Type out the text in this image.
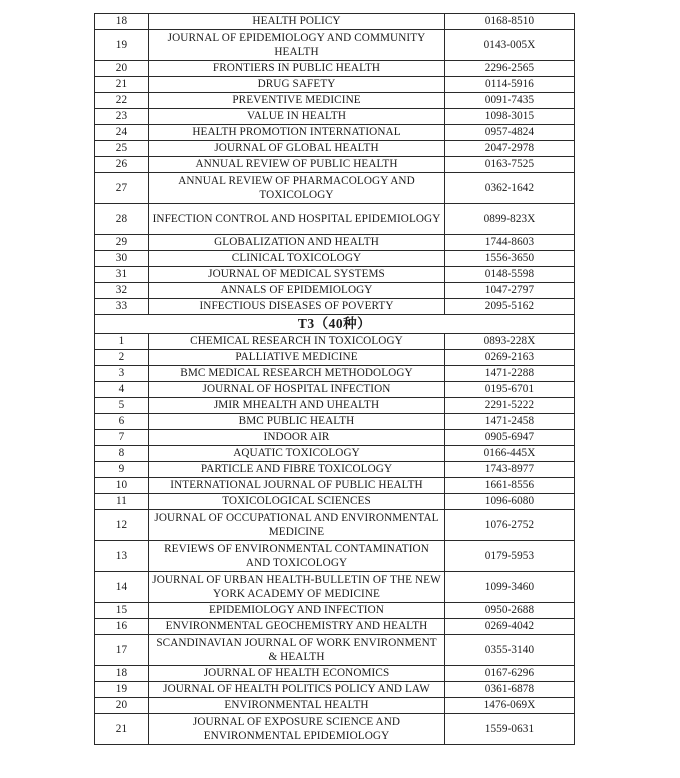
18	HEALTH POLICY	0168-8510
19	JOURNAL OF EPIDEMIOLOGY AND COMMUNITY HEALTH	0143-005X
20	FRONTIERS IN PUBLIC HEALTH	2296-2565
21	DRUG SAFETY	0114-5916
22	PREVENTIVE MEDICINE	0091-7435
23	VALUE IN HEALTH	1098-3015
24	HEALTH PROMOTION INTERNATIONAL	0957-4824
25	JOURNAL OF GLOBAL HEALTH	2047-2978
26	ANNUAL REVIEW OF PUBLIC HEALTH	0163-7525
27	ANNUAL REVIEW OF PHARMACOLOGY AND TOXICOLOGY	0362-1642
28	INFECTION CONTROL AND HOSPITAL EPIDEMIOLOGY	0899-823X
29	GLOBALIZATION AND HEALTH	1744-8603
30	CLINICAL TOXICOLOGY	1556-3650
31	JOURNAL OF MEDICAL SYSTEMS	0148-5598
32	ANNALS OF EPIDEMIOLOGY	1047-2797
33	INFECTIOUS DISEASES OF POVERTY	2095-5162
T3（40种）		
1	CHEMICAL RESEARCH IN TOXICOLOGY	0893-228X
2	PALLIATIVE MEDICINE	0269-2163
3	BMC MEDICAL RESEARCH METHODOLOGY	1471-2288
4	JOURNAL OF HOSPITAL INFECTION	0195-6701
5	JMIR MHEALTH AND UHEALTH	2291-5222
6	BMC PUBLIC HEALTH	1471-2458
7	INDOOR AIR	0905-6947
8	AQUATIC TOXICOLOGY	0166-445X
9	PARTICLE AND FIBRE TOXICOLOGY	1743-8977
10	INTERNATIONAL JOURNAL OF PUBLIC HEALTH	1661-8556
11	TOXICOLOGICAL SCIENCES	1096-6080
12	JOURNAL OF OCCUPATIONAL AND ENVIRONMENTAL MEDICINE	1076-2752
13	REVIEWS OF ENVIRONMENTAL CONTAMINATION AND TOXICOLOGY	0179-5953
14	JOURNAL OF URBAN HEALTH-BULLETIN OF THE NEW YORK ACADEMY OF MEDICINE	1099-3460
15	EPIDEMIOLOGY AND INFECTION	0950-2688
16	ENVIRONMENTAL GEOCHEMISTRY AND HEALTH	0269-4042
17	SCANDINAVIAN JOURNAL OF WORK ENVIRONMENT & HEALTH	0355-3140
18	JOURNAL OF HEALTH ECONOMICS	0167-6296
19	JOURNAL OF HEALTH POLITICS POLICY AND LAW	0361-6878
20	ENVIRONMENTAL HEALTH	1476-069X
21	JOURNAL OF EXPOSURE SCIENCE AND ENVIRONMENTAL EPIDEMIOLOGY	1559-0631
